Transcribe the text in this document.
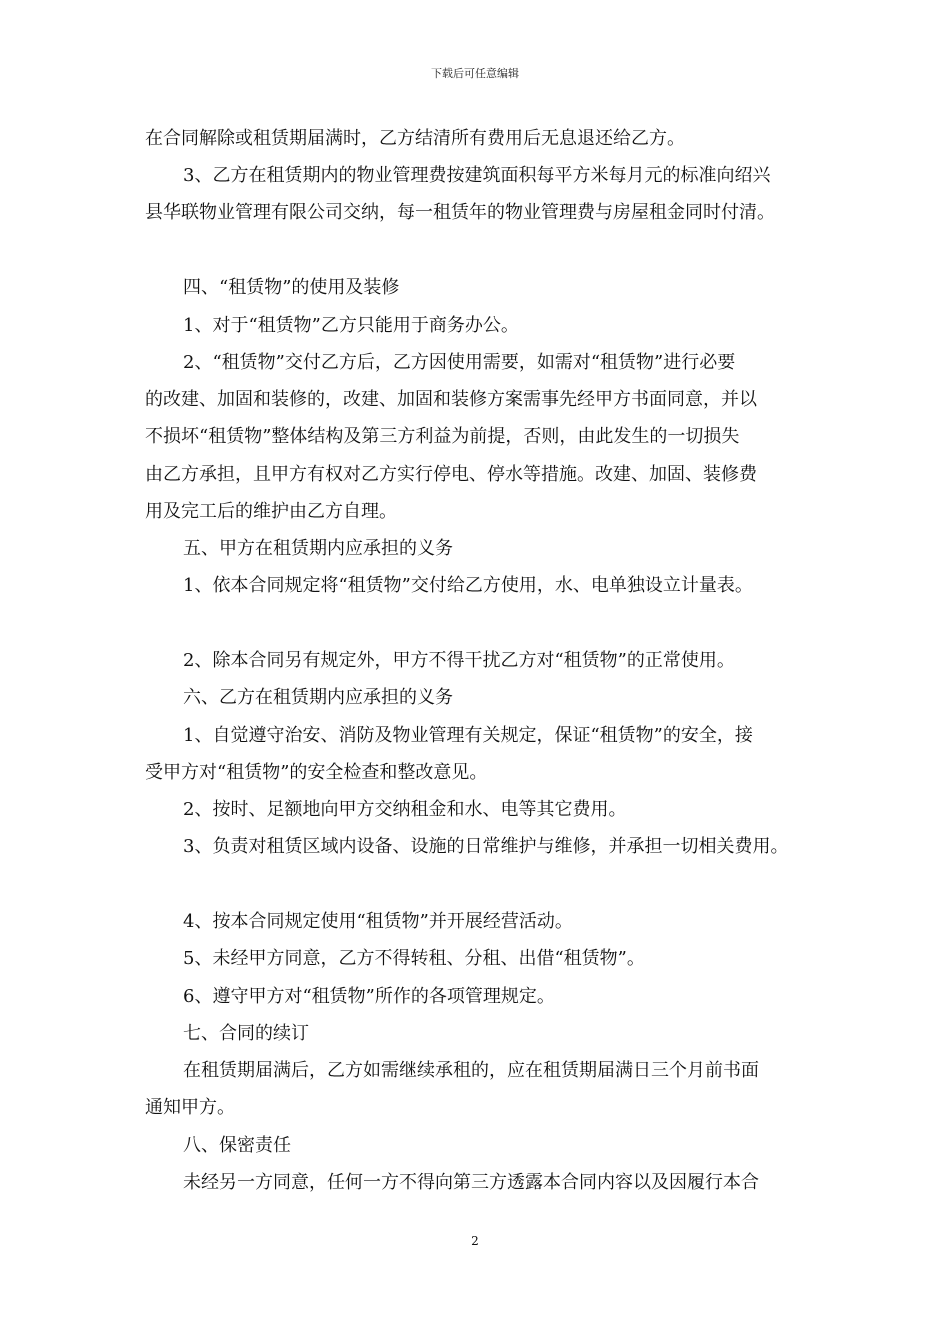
下载后可任意编辑
在合同解除或租赁期届满时，乙方结清所有费用后无息退还给乙方。
3、乙方在租赁期内的物业管理费按建筑面积每平方米每月元的标准向绍兴
县华联物业管理有限公司交纳，每一租赁年的物业管理费与房屋租金同时付清。
四、“租赁物”的使用及装修
1、对于“租赁物”乙方只能用于商务办公。
2、“租赁物”交付乙方后，乙方因使用需要，如需对“租赁物”进行必要
的改建、加固和装修的，改建、加固和装修方案需事先经甲方书面同意，并以
不损坏“租赁物”整体结构及第三方利益为前提，否则，由此发生的一切损失
由乙方承担，且甲方有权对乙方实行停电、停水等措施。改建、加固、装修费
用及完工后的维护由乙方自理。
五、甲方在租赁期内应承担的义务
1、依本合同规定将“租赁物”交付给乙方使用，水、电单独设立计量表。
2、除本合同另有规定外，甲方不得干扰乙方对“租赁物”的正常使用。
六、乙方在租赁期内应承担的义务
1、自觉遵守治安、消防及物业管理有关规定，保证“租赁物”的安全，接
受甲方对“租赁物”的安全检查和整改意见。
2、按时、足额地向甲方交纳租金和水、电等其它费用。
3、负责对租赁区域内设备、设施的日常维护与维修，并承担一切相关费用。
4、按本合同规定使用“租赁物”并开展经营活动。
5、未经甲方同意，乙方不得转租、分租、出借“租赁物”。
6、遵守甲方对“租赁物”所作的各项管理规定。
七、合同的续订
在租赁期届满后，乙方如需继续承租的，应在租赁期届满日三个月前书面
通知甲方。
八、保密责任
未经另一方同意，任何一方不得向第三方透露本合同内容以及因履行本合
2
